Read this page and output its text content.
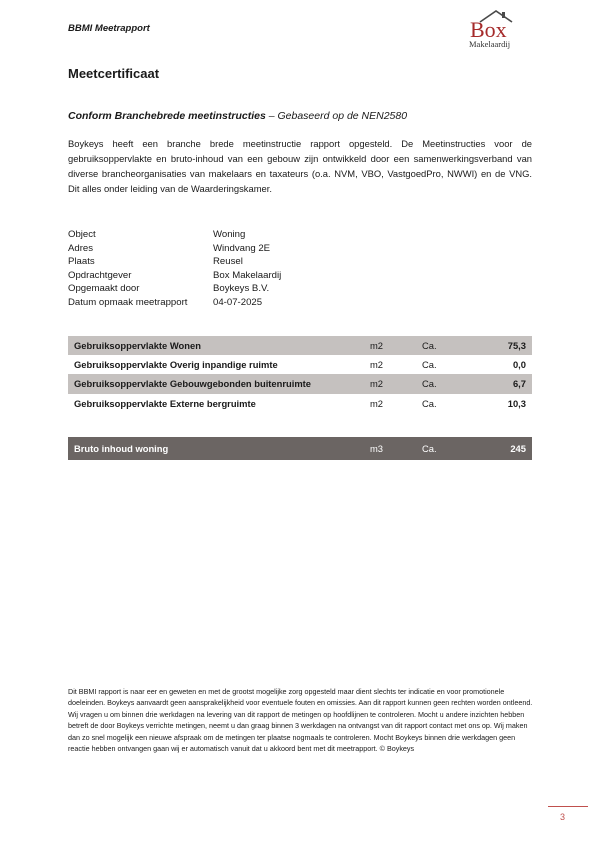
BBMI Meetrapport	Box
Makelaardij
Meetcertificaat
Conform Branchebrede meetinstructies – Gebaseerd op de NEN2580
Boykeys heeft een branche brede meetinstructie rapport opgesteld. De Meetinstructies voor de gebruiksoppervlakte en bruto-inhoud van een gebouw zijn ontwikkeld door een samenwerkingsverband van diverse brancheorganisaties van makelaars en taxateurs (o.a. NVM, VBO, VastgoedPro, NWWI) en de VNG. Dit alles onder leiding van de Waarderingskamer.
Object	Woning
Adres	Windvang 2E
Plaats	Reusel
Opdrachtgever	Box Makelaardij
Opgemaakt door	Boykeys B.V.
Datum opmaak meetrapport	04-07-2025
Gebruiksoppervlakte Wonen	m2	Ca.	75,3
Gebruiksoppervlakte Overig inpandige ruimte	m2	Ca.	0,0
Gebruiksoppervlakte Gebouwgebonden buitenruimte	m2	Ca.	6,7
Gebruiksoppervlakte Externe bergruimte	m2	Ca.	10,3
Bruto inhoud woning	m3	Ca.	245
Dit BBMI rapport is naar eer en geweten en met de grootst mogelijke zorg opgesteld maar dient slechts ter indicatie en voor promotionele doeleinden. Boykeys aanvaardt geen aansprakelijkheid voor eventuele fouten en omissies. Aan dit rapport kunnen geen rechten worden ontleend. Wij vragen u om binnen drie werkdagen na levering van dit rapport de metingen op hoofdlijnen te controleren. Mocht u andere inzichten hebben betreft de door Boykeys verrichte metingen, neemt u dan graag binnen 3 werkdagen na ontvangst van dit rapport contact met ons op. Wij maken dan zo snel mogelijk een nieuwe afspraak om de metingen ter plaatse nogmaals te controleren. Mocht Boykeys binnen drie werkdagen geen reactie hebben ontvangen gaan wij er automatisch vanuit dat u akkoord bent met dit meetrapport. © Boykeys
3
